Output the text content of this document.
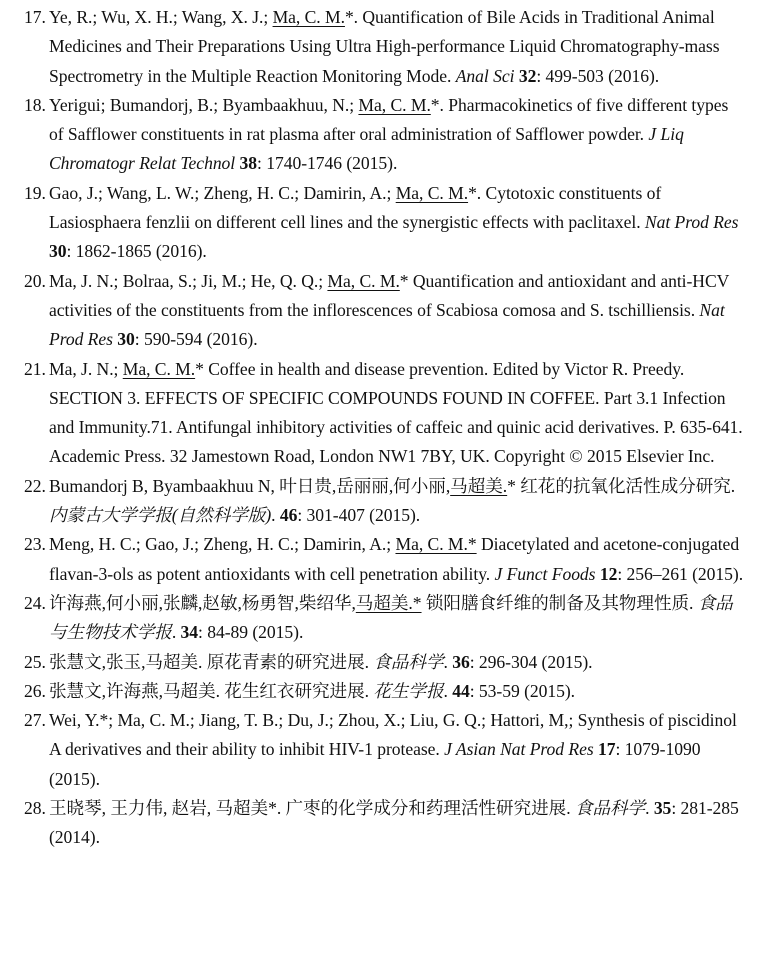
17. Ye, R.; Wu, X. H.; Wang, X. J.; Ma, C. M.*. Quantification of Bile Acids in Traditional Animal Medicines and Their Preparations Using Ultra High-performance Liquid Chromatography-mass Spectrometry in the Multiple Reaction Monitoring Mode. Anal Sci 32: 499-503 (2016).
18. Yerigui; Bumandorj, B.; Byambaakhuu, N.; Ma, C. M.*. Pharmacokinetics of five different types of Safflower constituents in rat plasma after oral administration of Safflower powder. J Liq Chromatogr Relat Technol 38: 1740-1746 (2015).
19. Gao, J.; Wang, L. W.; Zheng, H. C.; Damirin, A.; Ma, C. M.*. Cytotoxic constituents of Lasiosphaera fenzlii on different cell lines and the synergistic effects with paclitaxel. Nat Prod Res 30: 1862-1865 (2016).
20. Ma, J. N.; Bolraa, S.; Ji, M.; He, Q. Q.; Ma, C. M.* Quantification and antioxidant and anti-HCV activities of the constituents from the inflorescences of Scabiosa comosa and S. tschilliensis. Nat Prod Res 30: 590-594 (2016).
21. Ma, J. N.; Ma, C. M.* Coffee in health and disease prevention. Edited by Victor R. Preedy. SECTION 3. EFFECTS OF SPECIFIC COMPOUNDS FOUND IN COFFEE. Part 3.1 Infection and Immunity.71. Antifungal inhibitory activities of caffeic and quinic acid derivatives. P. 635-641. Academic Press. 32 Jamestown Road, London NW1 7BY, UK. Copyright © 2015 Elsevier Inc.
22. Bumandorj B, Byambaakhuu N, 叶日贵,岳丽丽,何小丽,马超美.* 红花的抗氧化活性成分研究. 内蒙古大学学报(自然科学版). 46: 301-407 (2015).
23. Meng, H. C.; Gao, J.; Zheng, H. C.; Damirin, A.; Ma, C. M.* Diacetylated and acetone-conjugated flavan-3-ols as potent antioxidants with cell penetration ability. J Funct Foods 12: 256–261 (2015).
24. 许海燕,何小丽,张麟,赵敏,杨勇智,柴绍华,马超美.* 锁阳膳食纤维的制备及其物理性质. 食品与生物技术学报. 34: 84-89 (2015).
25. 张慧文,张玉,马超美. 原花青素的研究进展. 食品科学. 36: 296-304 (2015).
26. 张慧文,许海燕,马超美. 花生红衣研究进展. 花生学报. 44: 53-59 (2015).
27. Wei, Y.*; Ma, C. M.; Jiang, T. B.; Du, J.; Zhou, X.; Liu, G. Q.; Hattori, M,; Synthesis of piscidinol A derivatives and their ability to inhibit HIV-1 protease. J Asian Nat Prod Res 17: 1079-1090 (2015).
28. 王晓琴, 王力伟, 赵岩, 马超美*. 广枣的化学成分和药理活性研究进展. 食品科学. 35: 281-285 (2014).
